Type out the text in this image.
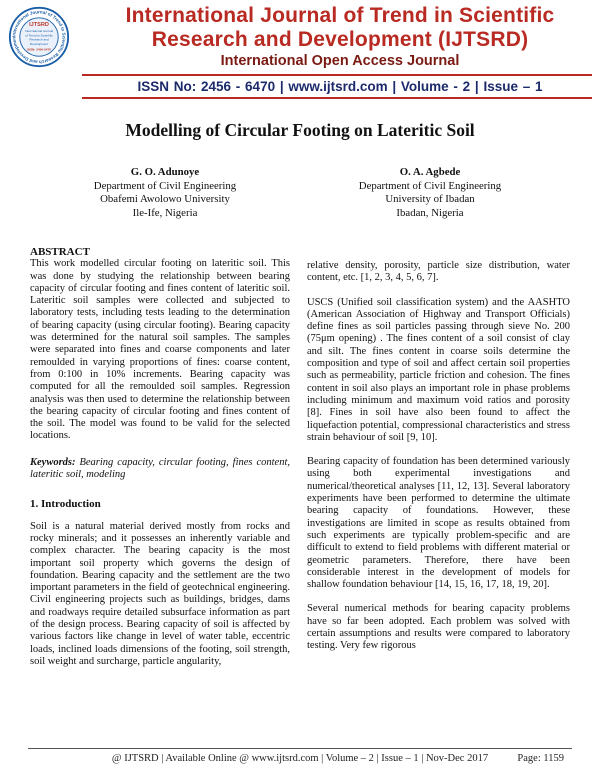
International Journal of Trend in Scientific Research and Developmen
IJTSRD
International Journal
of Trend in Scientific
Research and
Development
ISSN: 2456-6470
International Journal of Trend in Scientific
Research and Development (IJTSRD)
International Open Access Journal
ISSN No: 2456 - 6470 | www.ijtsrd.com | Volume - 2 | Issue – 1
Modelling of Circular Footing on Lateritic Soil
G. O. Adunoye
Department of Civil Engineering
Obafemi Awolowo University
Ile-Ife, Nigeria
O. A. Agbede
Department of Civil Engineering
University of Ibadan
Ibadan, Nigeria

ABSTRACT

This work modelled circular footing on lateritic soil. This was done by studying the relationship between bearing capacity of circular footing and fines content of lateritic soil. Lateritic soil samples were collected and subjected to laboratory tests, including tests leading to the determination of bearing capacity (using circular footing). Bearing capacity was determined for the natural soil samples. The samples were separated into fines and coarse components and later remoulded in varying proportions of fines: coarse content, from 0:100 in 10% increments. Bearing capacity was computed for all the remoulded soil samples. Regression analysis was then used to determine the relationship between the bearing capacity of circular footing and fines content of the soil. The model was found to be valid for the selected locations.

Keywords: Bearing capacity, circular footing, fines content, lateritic soil, modeling

1. Introduction

Soil is a natural material derived mostly from rocks and rocky minerals; and it possesses an inherently variable and complex character. The bearing capacity is the most important soil property which governs the design of foundation. Bearing capacity and the settlement are the two important parameters in the field of geotechnical engineering. Civil engineering projects such as buildings, bridges, dams and roadways require detailed subsurface information as part of the design process. Bearing capacity of soil is affected by various factors like change in level of water table, eccentric loads, inclined loads dimensions of the footing, soil strength, soil weight and surcharge, particle angularity,

relative density, porosity, particle size distribution, water content, etc. [1, 2, 3, 4, 5, 6, 7].

USCS (Unified soil classification system) and the AASHTO (American Association of Highway and Transport Officials) define fines as soil particles passing through sieve No. 200 (75μm opening) . The fines content of a soil consist of clay and silt. The fines content in coarse soils determine the composition and type of soil and affect certain soil properties such as permeability, particle friction and cohesion. The fines content in soil also plays an important role in phase problems including minimum and maximum void ratios and porosity [8]. Fines in soil have also been found to affect the liquefaction potential, compressional characteristics and stress strain behaviour of soil [9, 10].

Bearing capacity of foundation has been determined variously using both experimental investigations and numerical/theoretical analyses [11, 12, 13]. Several laboratory experiments have been performed to determine the ultimate bearing capacity of foundations. However, these investigations are limited in scope as results obtained from such experiments are typically problem-specific and are difficult to extend to field problems with different material or geometric parameters. Therefore, there have been considerable interest in the development of models for shallow foundation behaviour [14, 15, 16, 17, 18, 19, 20].

Several numerical methods for bearing capacity problems have so far been adopted. Each problem was solved with certain assumptions and results were compared to laboratory testing. Very few rigorous

@ IJTSRD | Available Online @ www.ijtsrd.com | Volume – 2 | Issue – 1 | Nov-Dec 2017	Page: 1159
